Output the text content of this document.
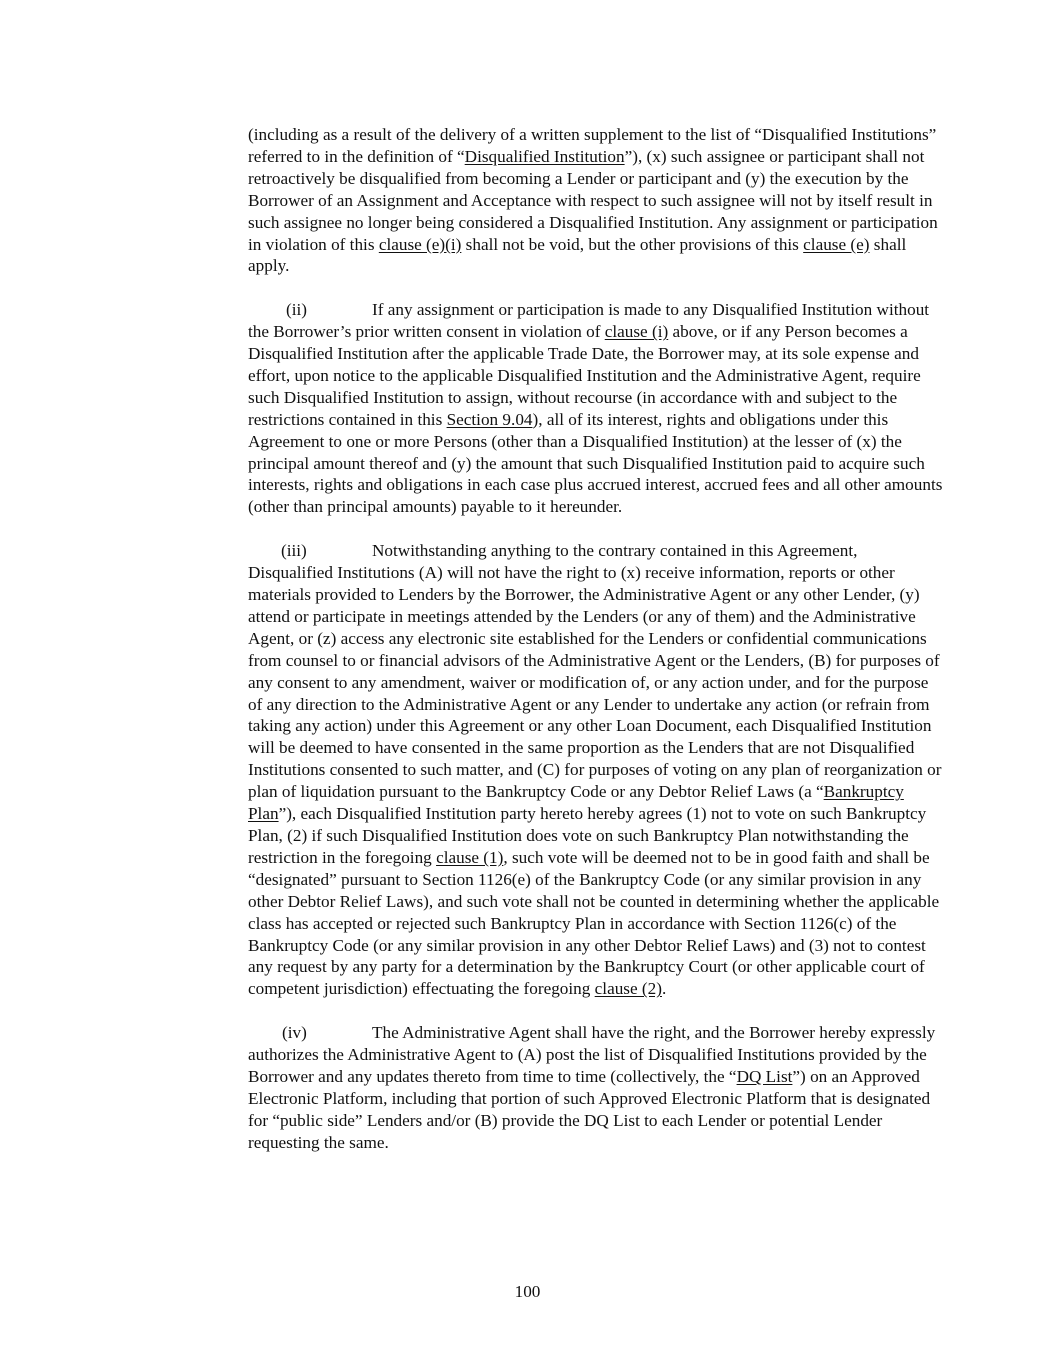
(including as a result of the delivery of a written supplement to the list of “Disqualified Institutions” referred to in the definition of “Disqualified Institution”), (x) such assignee or participant shall not retroactively be disqualified from becoming a Lender or participant and (y) the execution by the Borrower of an Assignment and Acceptance with respect to such assignee will not by itself result in such assignee no longer being considered a Disqualified Institution. Any assignment or participation in violation of this clause (e)(i) shall not be void, but the other provisions of this clause (e) shall apply.

(ii)	If any assignment or participation is made to any Disqualified Institution without the Borrower’s prior written consent in violation of clause (i) above, or if any Person becomes a Disqualified Institution after the applicable Trade Date, the Borrower may, at its sole expense and effort, upon notice to the applicable Disqualified Institution and the Administrative Agent, require such Disqualified Institution to assign, without recourse (in accordance with and subject to the restrictions contained in this Section 9.04), all of its interest, rights and obligations under this Agreement to one or more Persons (other than a Disqualified Institution) at the lesser of (x) the principal amount thereof and (y) the amount that such Disqualified Institution paid to acquire such interests, rights and obligations in each case plus accrued interest, accrued fees and all other amounts (other than principal amounts) payable to it hereunder.

(iii)	Notwithstanding anything to the contrary contained in this Agreement, Disqualified Institutions (A) will not have the right to (x) receive information, reports or other materials provided to Lenders by the Borrower, the Administrative Agent or any other Lender, (y) attend or participate in meetings attended by the Lenders (or any of them) and the Administrative Agent, or (z) access any electronic site established for the Lenders or confidential communications from counsel to or financial advisors of the Administrative Agent or the Lenders, (B) for purposes of any consent to any amendment, waiver or modification of, or any action under, and for the purpose of any direction to the Administrative Agent or any Lender to undertake any action (or refrain from taking any action) under this Agreement or any other Loan Document, each Disqualified Institution will be deemed to have consented in the same proportion as the Lenders that are not Disqualified Institutions consented to such matter, and (C) for purposes of voting on any plan of reorganization or plan of liquidation pursuant to the Bankruptcy Code or any Debtor Relief Laws (a “Bankruptcy Plan”), each Disqualified Institution party hereto hereby agrees (1) not to vote on such Bankruptcy Plan, (2) if such Disqualified Institution does vote on such Bankruptcy Plan notwithstanding the restriction in the foregoing clause (1), such vote will be deemed not to be in good faith and shall be “designated” pursuant to Section 1126(e) of the Bankruptcy Code (or any similar provision in any other Debtor Relief Laws), and such vote shall not be counted in determining whether the applicable class has accepted or rejected such Bankruptcy Plan in accordance with Section 1126(c) of the Bankruptcy Code (or any similar provision in any other Debtor Relief Laws) and (3) not to contest any request by any party for a determination by the Bankruptcy Court (or other applicable court of competent jurisdiction) effectuating the foregoing clause (2).

(iv)	The Administrative Agent shall have the right, and the Borrower hereby expressly authorizes the Administrative Agent to (A) post the list of Disqualified Institutions provided by the Borrower and any updates thereto from time to time (collectively, the “DQ List”) on an Approved Electronic Platform, including that portion of such Approved Electronic Platform that is designated for “public side” Lenders and/or (B) provide the DQ List to each Lender or potential Lender requesting the same.

100
